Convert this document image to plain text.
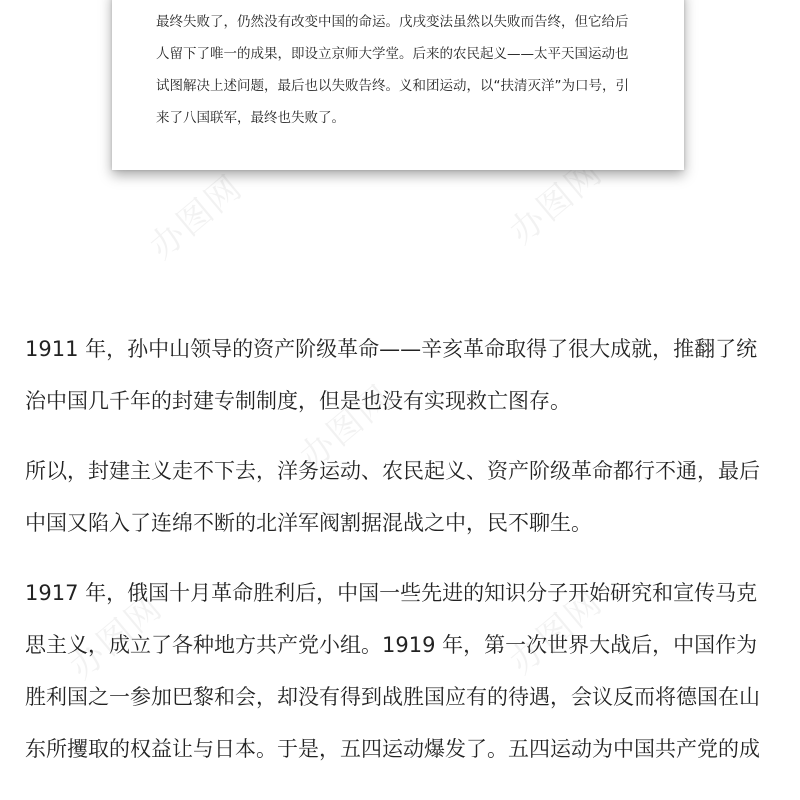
办图网	办图网
办图网
办图网
办图网
最终失败了，仍然没有改变中国的命运。戊戌变法虽然以失败而告终，但它给后
人留下了唯一的成果，即设立京师大学堂。后来的农民起义——太平天国运动也
试图解决上述问题，最后也以失败告终。义和团运动，以“扶清灭洋”为口号，引
来了八国联军，最终也失败了。

1911 年，孙中山领导的资产阶级革命——辛亥革命取得了很大成就，推翻了统
治中国几千年的封建专制制度，但是也没有实现救亡图存。

所以，封建主义走不下去，洋务运动、农民起义、资产阶级革命都行不通，最后
中国又陷入了连绵不断的北洋军阀割据混战之中，民不聊生。

1917 年，俄国十月革命胜利后，中国一些先进的知识分子开始研究和宣传马克
思主义，成立了各种地方共产党小组。1919 年，第一次世界大战后，中国作为
胜利国之一参加巴黎和会，却没有得到战胜国应有的待遇，会议反而将德国在山
东所攫取的权益让与日本。于是，五四运动爆发了。五四运动为中国共产党的成
